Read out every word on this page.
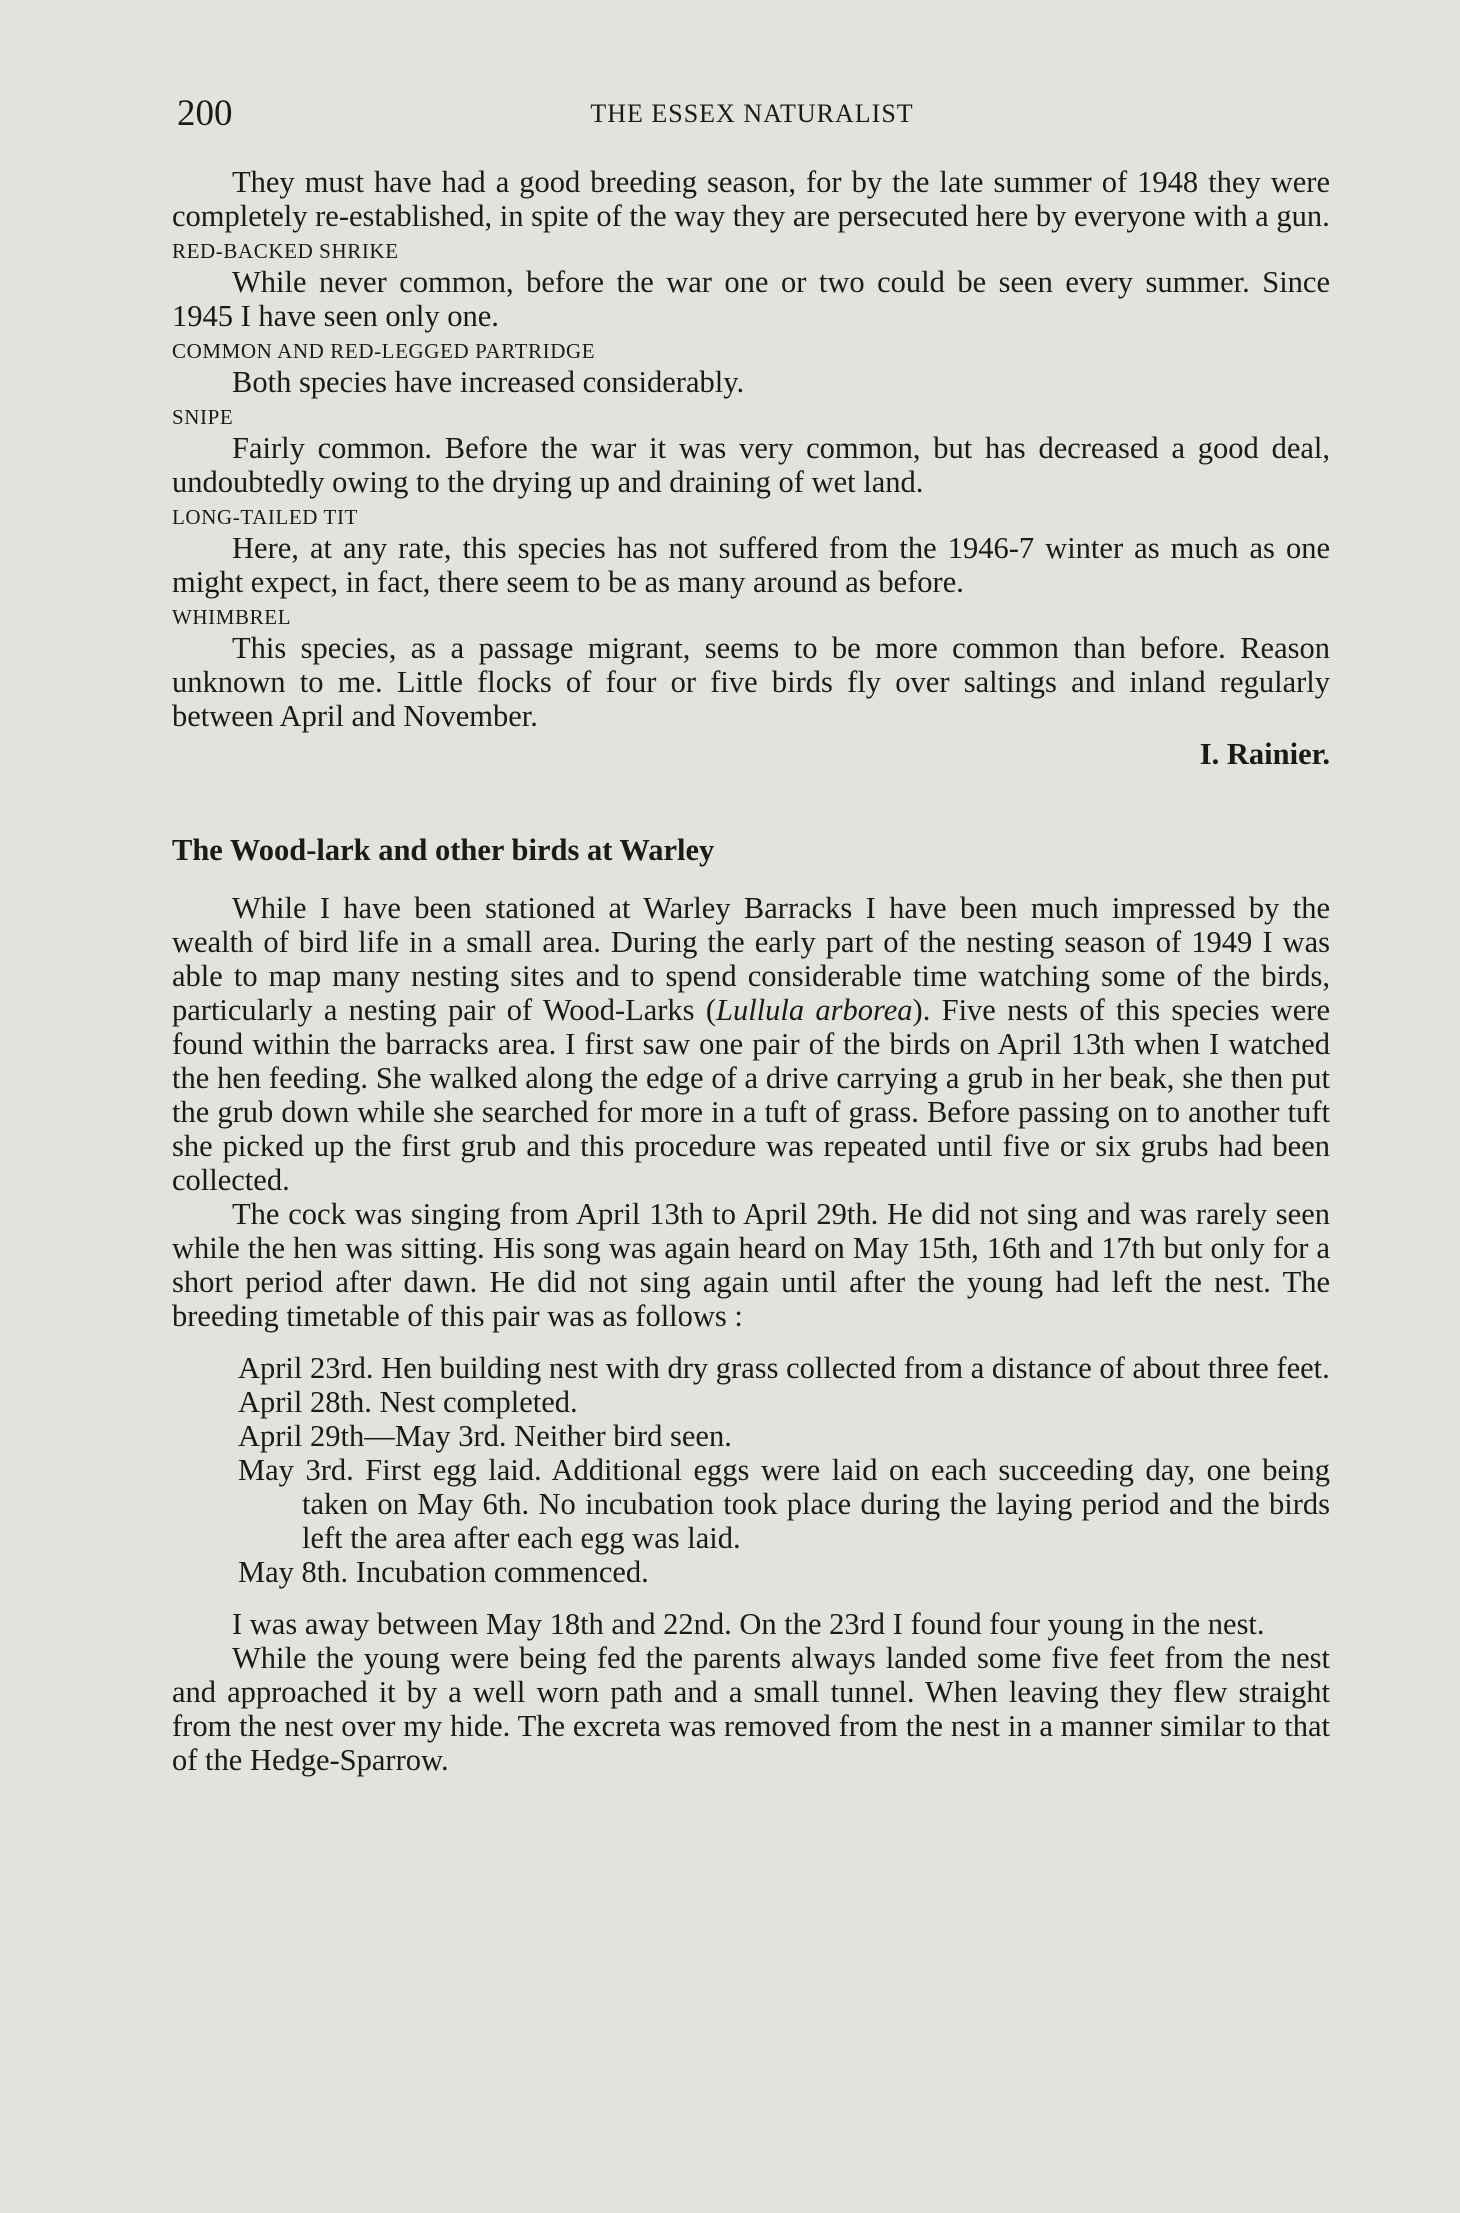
200	THE ESSEX NATURALIST

They must have had a good breeding season, for by the late summer of 1948 they were completely re-established, in spite of the way they are persecuted here by everyone with a gun.

RED-BACKED SHRIKE

While never common, before the war one or two could be seen every summer. Since 1945 I have seen only one.

COMMON AND RED-LEGGED PARTRIDGE

Both species have increased considerably.

SNIPE

Fairly common. Before the war it was very common, but has decreased a good deal, undoubtedly owing to the drying up and draining of wet land.

LONG-TAILED TIT

Here, at any rate, this species has not suffered from the 1946-7 winter as much as one might expect, in fact, there seem to be as many around as before.

WHIMBREL

This species, as a passage migrant, seems to be more common than before. Reason unknown to me. Little flocks of four or five birds fly over saltings and inland regularly between April and November.

I. Rainier.

The Wood-lark and other birds at Warley

While I have been stationed at Warley Barracks I have been much impressed by the wealth of bird life in a small area. During the early part of the nesting season of 1949 I was able to map many nesting sites and to spend considerable time watching some of the birds, particularly a nesting pair of Wood-Larks (Lullula arborea). Five nests of this species were found within the barracks area. I first saw one pair of the birds on April 13th when I watched the hen feeding. She walked along the edge of a drive carrying a grub in her beak, she then put the grub down while she searched for more in a tuft of grass. Before passing on to another tuft she picked up the first grub and this procedure was repeated until five or six grubs had been collected.

The cock was singing from April 13th to April 29th. He did not sing and was rarely seen while the hen was sitting. His song was again heard on May 15th, 16th and 17th but only for a short period after dawn. He did not sing again until after the young had left the nest. The breeding timetable of this pair was as follows :

April 23rd. Hen building nest with dry grass collected from a distance of about three feet.

April 28th. Nest completed.

April 29th—May 3rd. Neither bird seen.

May 3rd. First egg laid. Additional eggs were laid on each succeeding day, one being taken on May 6th. No incubation took place during the laying period and the birds left the area after each egg was laid.

May 8th. Incubation commenced.

I was away between May 18th and 22nd. On the 23rd I found four young in the nest.

While the young were being fed the parents always landed some five feet from the nest and approached it by a well worn path and a small tunnel. When leaving they flew straight from the nest over my hide. The excreta was removed from the nest in a manner similar to that of the Hedge-Sparrow.
